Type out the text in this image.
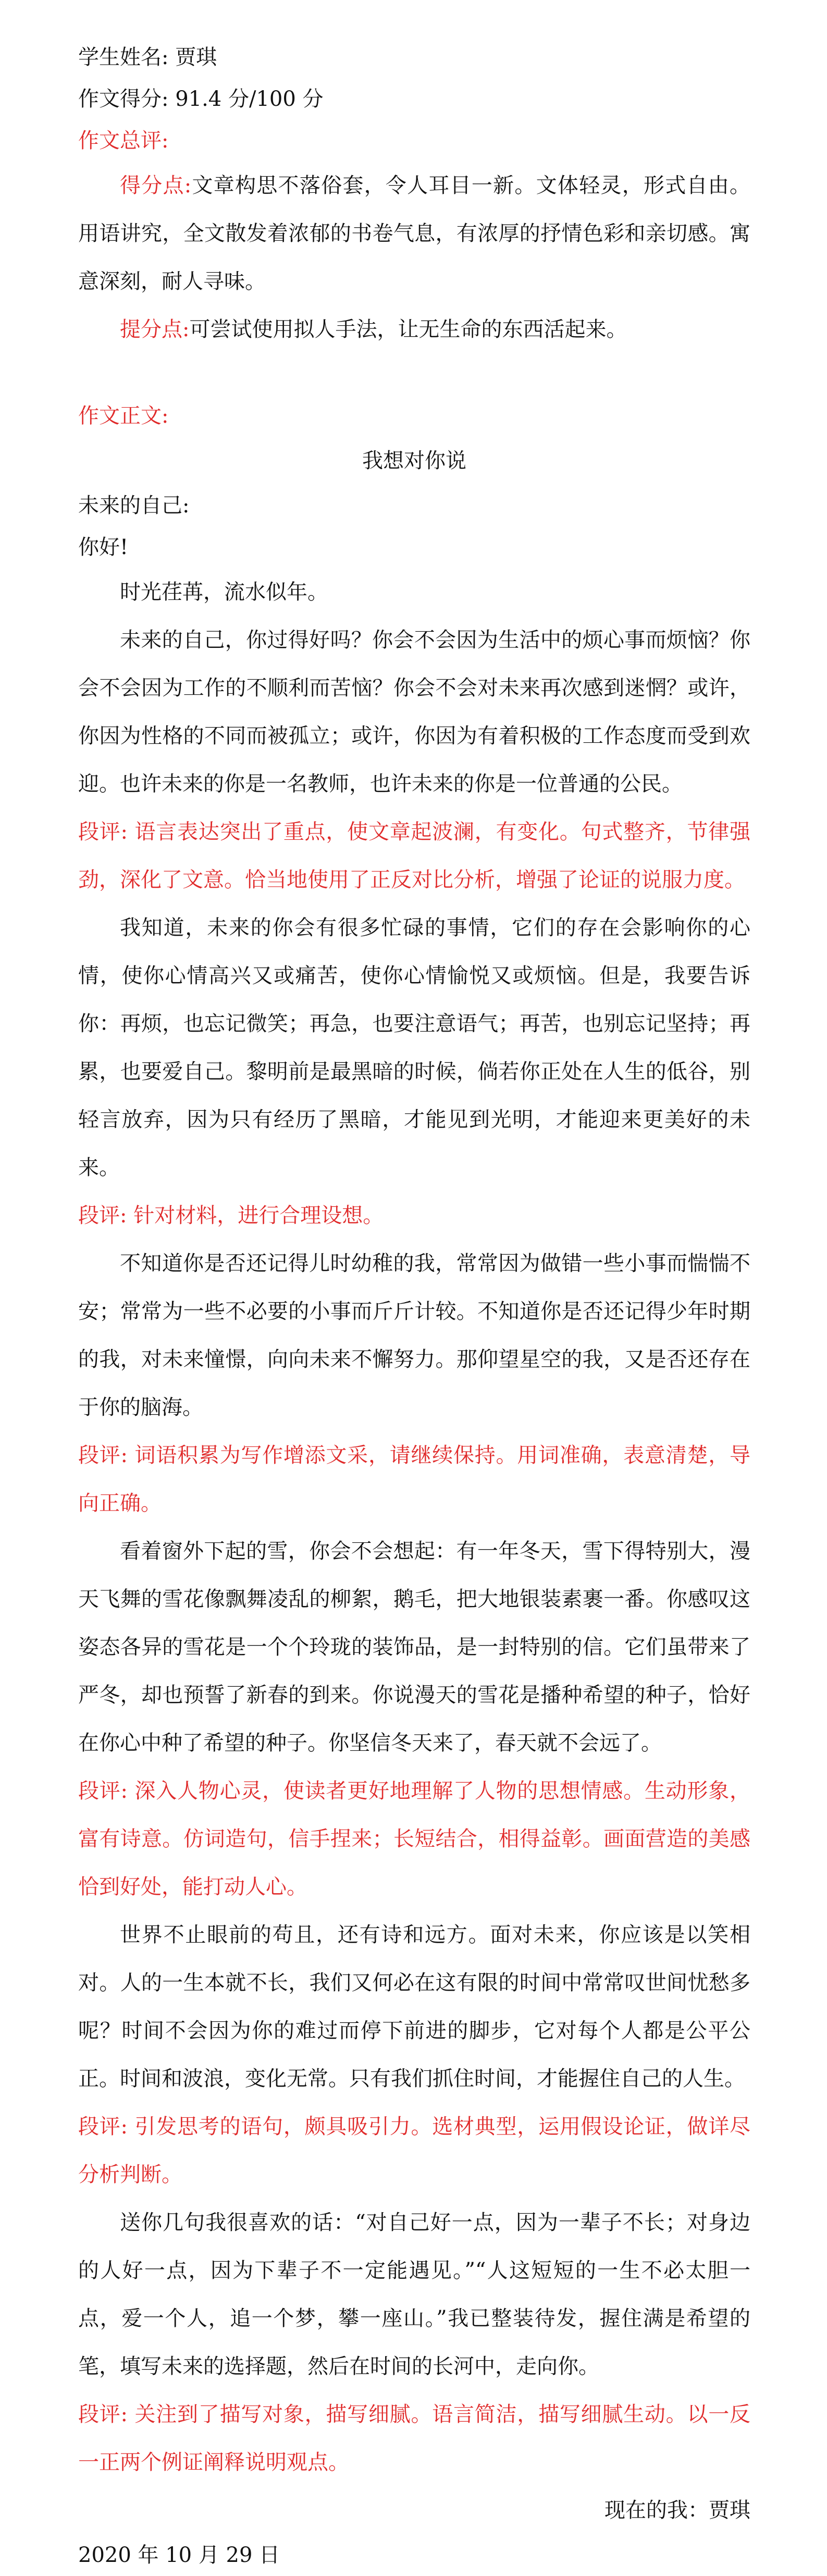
学生姓名: 贾琪

作文得分: 91.4 分/100 分

作文总评:

得分点:文章构思不落俗套，令人耳目一新。文体轻灵，形式自由。用语讲究，全文散发着浓郁的书卷气息，有浓厚的抒情色彩和亲切感。寓意深刻，耐人寻味。

提分点:可尝试使用拟人手法，让无生命的东西活起来。

作文正文:

我想对你说

未来的自己:

你好!

时光荏苒，流水似年。

未来的自己，你过得好吗？你会不会因为生活中的烦心事而烦恼？你会不会因为工作的不顺利而苦恼？你会不会对未来再次感到迷惘？或许，你因为性格的不同而被孤立；或许，你因为有着积极的工作态度而受到欢迎。也许未来的你是一名教师，也许未来的你是一位普通的公民。

段评: 语言表达突出了重点，使文章起波澜，有变化。句式整齐，节律强劲，深化了文意。恰当地使用了正反对比分析，增强了论证的说服力度。

我知道，未来的你会有很多忙碌的事情，它们的存在会影响你的心情，使你心情高兴又或痛苦，使你心情愉悦又或烦恼。但是，我要告诉你：再烦，也忘记微笑；再急，也要注意语气；再苦，也别忘记坚持；再累，也要爱自己。黎明前是最黑暗的时候，倘若你正处在人生的低谷，别轻言放弃，因为只有经历了黑暗，才能见到光明，才能迎来更美好的未来。

段评: 针对材料，进行合理设想。

不知道你是否还记得儿时幼稚的我，常常因为做错一些小事而惴惴不安；常常为一些不必要的小事而斤斤计较。不知道你是否还记得少年时期的我，对未来憧憬，向向未来不懈努力。那仰望星空的我，又是否还存在于你的脑海。

段评: 词语积累为写作增添文采，请继续保持。用词准确，表意清楚，导向正确。

看着窗外下起的雪，你会不会想起：有一年冬天，雪下得特别大，漫天飞舞的雪花像飘舞凌乱的柳絮，鹅毛，把大地银装素裹一番。你感叹这姿态各异的雪花是一个个玲珑的装饰品，是一封特别的信。它们虽带来了严冬，却也预誓了新春的到来。你说漫天的雪花是播种希望的种子，恰好在你心中种了希望的种子。你坚信冬天来了，春天就不会远了。

段评: 深入人物心灵，使读者更好地理解了人物的思想情感。生动形象，富有诗意。仿词造句，信手捏来；长短结合，相得益彰。画面营造的美感恰到好处，能打动人心。

世界不止眼前的苟且，还有诗和远方。面对未来，你应该是以笑相对。人的一生本就不长，我们又何必在这有限的时间中常常叹世间忧愁多呢？时间不会因为你的难过而停下前进的脚步，它对每个人都是公平公正。时间和波浪，变化无常。只有我们抓住时间，才能握住自己的人生。

段评: 引发思考的语句，颇具吸引力。选材典型，运用假设论证，做详尽分析判断。

送你几句我很喜欢的话：“对自己好一点，因为一辈子不长；对身边的人好一点，因为下辈子不一定能遇见。”“人这短短的一生不必太胆一点，爱一个人，追一个梦，攀一座山。”我已整装待发，握住满是希望的笔，填写未来的选择题，然后在时间的长河中，走向你。

段评: 关注到了描写对象，描写细腻。语言简洁，描写细腻生动。以一反一正两个例证阐释说明观点。

现在的我：贾琪

2020 年 10 月 29 日
